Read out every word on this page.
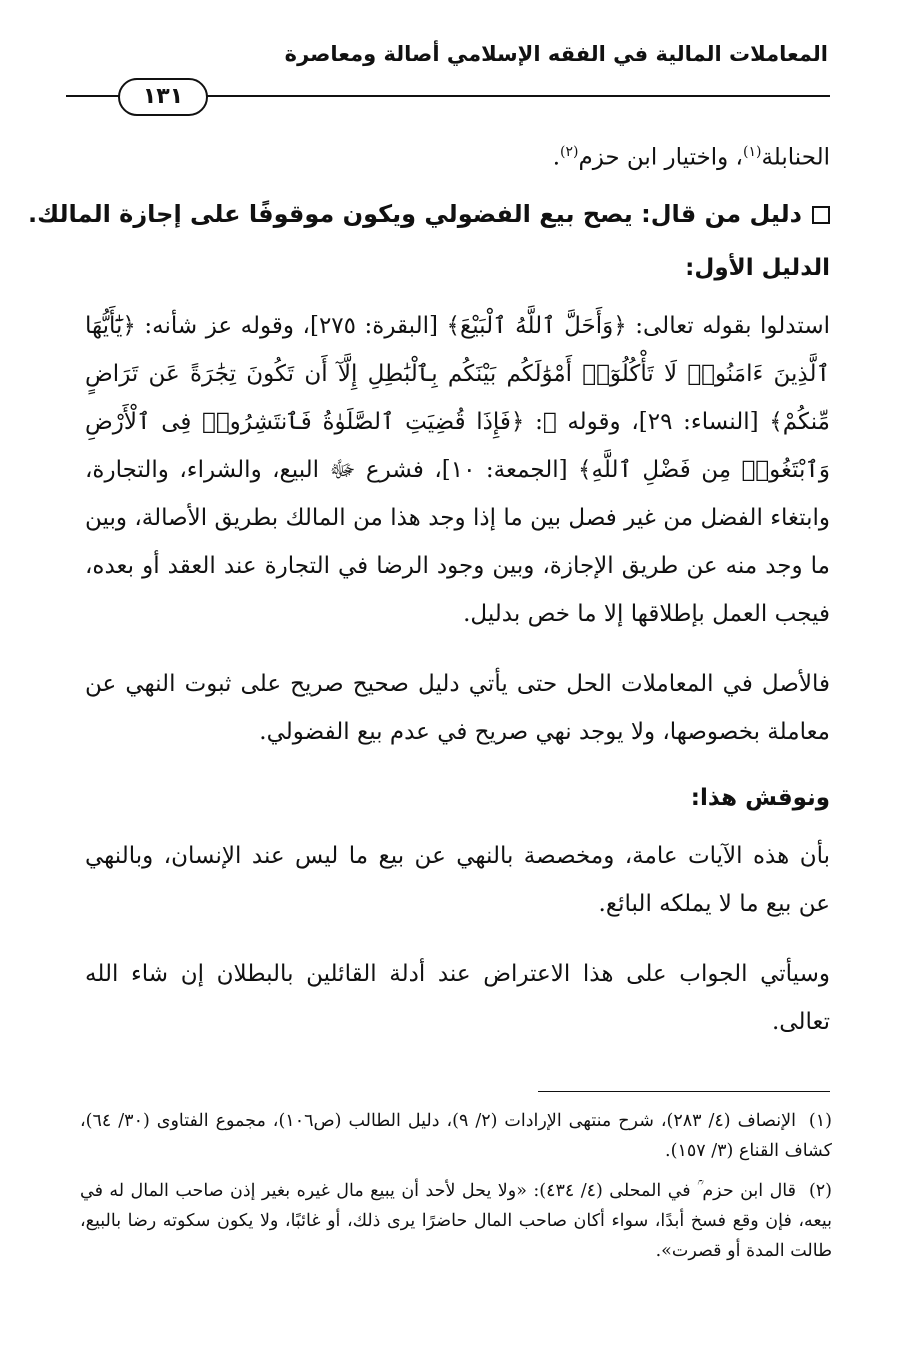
المعاملات المالية في الفقه الإسلامي أصالة ومعاصرة
١٣١

الحنابلة$^{(١)}$، واختيار ابن حزم$^{(٢)}$.

دليل من قال: يصح بيع الفضولي ويكون موقوفًا على إجازة المالك.
الدليل الأول:

استدلوا بقوله تعالى: ﴿وَأَحَلَّ ٱللَّهُ ٱلْبَيْعَ﴾ [البقرة: ٢٧٥]، وقوله عز شأنه: ﴿يَٰٓأَيُّهَا ٱلَّذِينَ ءَامَنُوا۟ لَا تَأْكُلُوٓا۟ أَمْوَٰلَكُم بَيْنَكُم بِٱلْبَٰطِلِ إِلَّآ أَن تَكُونَ تِجَٰرَةً عَن تَرَاضٍ مِّنكُمْ﴾ [النساء: ٢٩]، وقوله ﷻ: ﴿فَإِذَا قُضِيَتِ ٱلصَّلَوٰةُ فَٱنتَشِرُوا۟ فِى ٱلْأَرْضِ وَٱبْتَغُوا۟ مِن فَضْلِ ٱللَّهِ﴾ [الجمعة: ١٠]، فشرع ﷻ البيع، والشراء، والتجارة، وابتغاء الفضل من غير فصل بين ما إذا وجد هذا من المالك بطريق الأصالة، وبين ما وجد منه عن طريق الإجازة، وبين وجود الرضا في التجارة عند العقد أو بعده، فيجب العمل بإطلاقها إلا ما خص بدليل.

فالأصل في المعاملات الحل حتى يأتي دليل صحيح صريح على ثبوت النهي عن معاملة بخصوصها، ولا يوجد نهي صريح في عدم بيع الفضولي.

ونوقش هذا:

بأن هذه الآيات عامة، ومخصصة بالنهي عن بيع ما ليس عند الإنسان، وبالنهي عن بيع ما لا يملكه البائع.

وسيأتي الجواب على هذا الاعتراض عند أدلة القائلين بالبطلان إن شاء الله تعالى.

(١)الإنصاف (٤/ ٢٨٣)، شرح منتهى الإرادات (٢/ ٩)، دليل الطالب (ص١٠٦)، مجموع الفتاوى (٣٠/ ٦٤)، كشاف القناع (٣/ ١٥٧).

(٢)قال ابن حزم ؒ في المحلى (٤/ ٤٣٤): «ولا يحل لأحد أن يبيع مال غيره بغير إذن صاحب المال له في بيعه، فإن وقع فسخ أبدًا، سواء أكان صاحب المال حاضرًا يرى ذلك، أو غائبًا، ولا يكون سكوته رضا بالبيع، طالت المدة أو قصرت».
